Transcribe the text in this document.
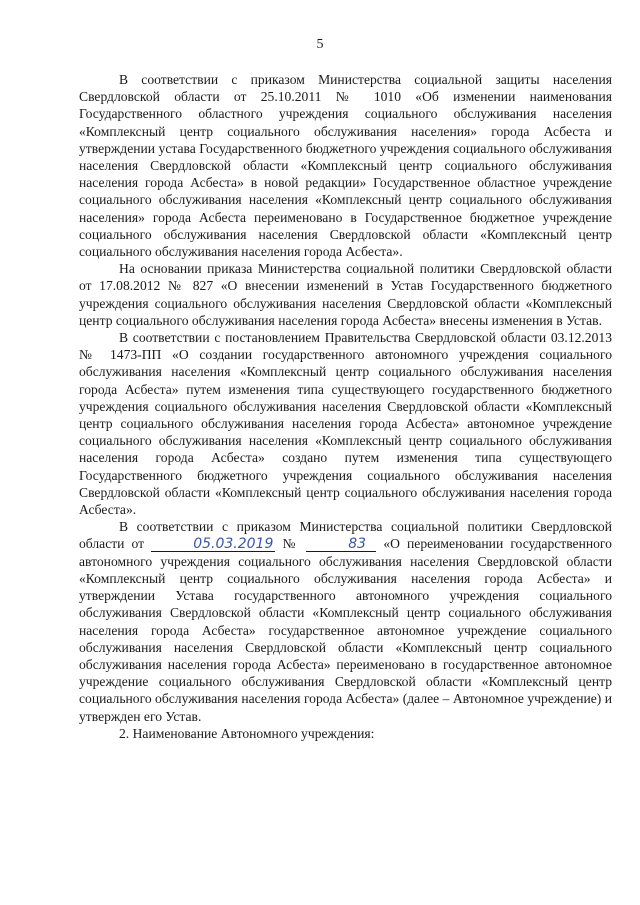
5

В соответствии с приказом Министерства социальной защиты населения Свердловской области от 25.10.2011 № 1010 «Об изменении наименования Государственного областного учреждения социального обслуживания населения «Комплексный центр социального обслуживания населения» города Асбеста и утверждении устава Государственного бюджетного учреждения социального обслуживания населения Свердловской области «Комплексный центр социального обслуживания населения города Асбеста» в новой редакции» Государственное областное учреждение социального обслуживания населения «Комплексный центр социального обслуживания населения» города Асбеста переименовано в Государственное бюджетное учреждение социального обслуживания населения Свердловской области «Комплексный центр социального обслуживания населения города Асбеста».

На основании приказа Министерства социальной политики Свердловской области от 17.08.2012 № 827 «О внесении изменений в Устав Государственного бюджетного учреждения социального обслуживания населения Свердловской области «Комплексный центр социального обслуживания населения города Асбеста» внесены изменения в Устав.

В соответствии с постановлением Правительства Свердловской области 03.12.2013 № 1473-ПП «О создании государственного автономного учреждения социального обслуживания населения «Комплексный центр социального обслуживания населения города Асбеста» путем изменения типа существующего государственного бюджетного учреждения социального обслуживания населения Свердловской области «Комплексный центр социального обслуживания населения города Асбеста» автономное учреждение социального обслуживания населения «Комплексный центр социального обслуживания населения города Асбеста» создано путем изменения типа существующего Государственного бюджетного учреждения социального обслуживания населения Свердловской области «Комплексный центр социального обслуживания населения города Асбеста».

В соответствии с приказом Министерства социальной политики Свердловской области от	05.03.2019 №	83 «О переименовании государственного автономного учреждения социального обслуживания населения Свердловской области «Комплексный центр социального обслуживания населения города Асбеста» и утверждении Устава государственного автономного учреждения социального обслуживания Свердловской области «Комплексный центр социального обслуживания населения города Асбеста» государственное автономное учреждение социального обслуживания населения Свердловской области «Комплексный центр социального обслуживания населения города Асбеста» переименовано в государственное автономное учреждение социального обслуживания Свердловской области «Комплексный центр социального обслуживания населения города Асбеста» (далее – Автономное учреждение) и утвержден его Устав.

2. Наименование Автономного учреждения:
